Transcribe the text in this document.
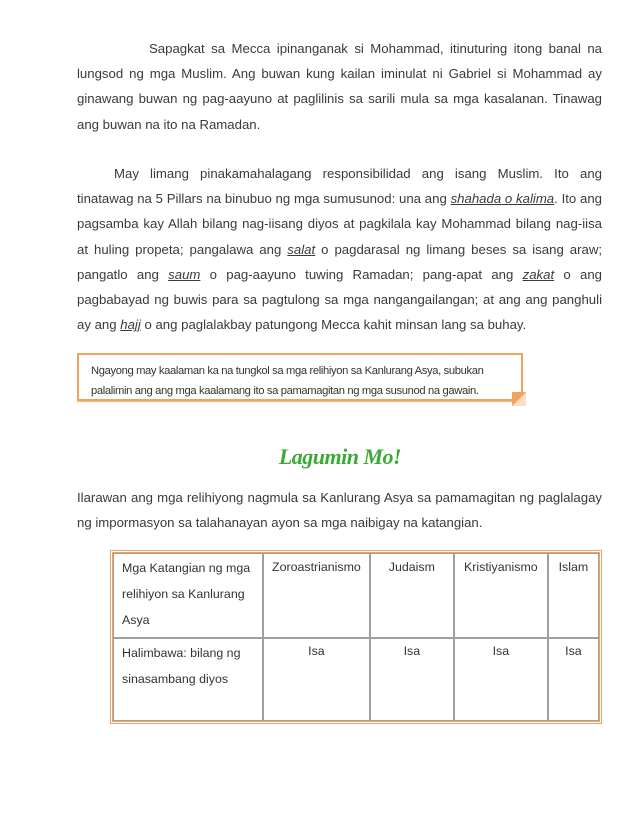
Sapagkat sa Mecca ipinanganak si Mohammad, itinuturing itong banal na lungsod ng mga Muslim. Ang buwan kung kailan iminulat ni Gabriel si Mohammad ay ginawang buwan ng pag-aayuno at paglilinis sa sarili mula sa mga kasalanan. Tinawag ang buwan na ito na Ramadan.

May limang pinakamahalagang responsibilidad ang isang Muslim. Ito ang tinatawag na 5 Pillars na binubuo ng mga sumusunod: una ang shahada o kalima. Ito ang pagsamba kay Allah bilang nag-iisang diyos at pagkilala kay Mohammad bilang nag-iisa at huling propeta; pangalawa ang salat o pagdarasal ng limang beses sa isang araw; pangatlo ang saum o pag-aayuno tuwing Ramadan; pang-apat ang zakat o ang pagbabayad ng buwis para sa pagtulong sa mga nangangailangan; at ang ang panghuli ay ang hajj o ang paglalakbay patungong Mecca kahit minsan lang sa buhay.

Ngayong may kaalaman ka na tungkol sa mga relihiyon sa Kanlurang Asya, subukan
palalimin ang ang mga kaalamang ito sa pamamagitan ng mga susunod na gawain.

Lagumin Mo!

Ilarawan ang mga relihiyong nagmula sa Kanlurang Asya sa pamamagitan ng paglalagay ng impormasyon sa talahanayan ayon sa mga naibigay na katangian.

Mga Katangian ng mga relihiyon sa Kanlurang Asya	Zoroastrianismo	Judaism	Kristiyanismo	Islam
Halimbawa: bilang ng sinasambang diyos	Isa	Isa	Isa	Isa
